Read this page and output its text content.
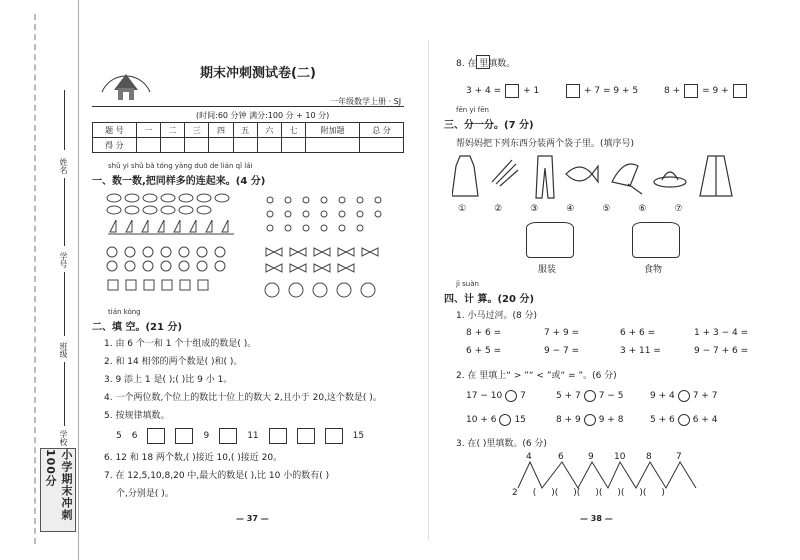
姓名
学号
班级
学校
小学期末冲刺100分
期末冲刺测试卷(二)
一年级数学上册 · SJ
(时间:60 分钟 满分:100 分 + 10 分)
题 号	一	二	三	四	五	六	七	附加题	总 分
得 分									
shǔ yi shǔ bǎ tóng yàng duō de lián qǐ lái
一、数一数,把同样多的连起来。(4 分)
tián kòng
二、填 空。(21 分)
1. 由 6 个一和 1 个十组成的数是( )。
2. 和 14 相邻的两个数是( )和( )。
3. 9 添上 1 是( );( )比 9 小 1。
4. 一个两位数,个位上的数比十位上的数大 2,且小于 20,这个数是( )。
5. 按规律填数。
5 6	9	11	15
6. 12 和 18 两个数,( )接近 10,( )接近 20。
7. 在 12,5,10,8,20 中,最大的数是( ),比 10 小的数有( )
个,分别是( )。
— 37 —
8. 在 里填数。
3 + 4 = + 1	+ 7 = 9 + 5	8 + = 9 +
fēn yi fēn
三、分一分。(7 分)
帮妈妈把下列东西分装两个袋子里。(填序号)
①	②	③	④	⑤	⑥	⑦
服装	食物
jì suàn
四、计 算。(20 分)
1. 小马过河。(8 分)
8 + 6 =	7 + 9 =	6 + 6 =	1 + 3 − 4 =
6 + 5 =	9 − 7 =	3 + 11 =	9 − 7 + 6 =
2. 在 里填上“ > ”“ < ”或“ = ”。(6 分)
17 − 10 7	5 + 7 7 − 5	9 + 4 7 + 7
10 + 6 15	8 + 9 9 + 8	5 + 6 6 + 4
3. 在( )里填数。(6 分)
4	6	9 10 8	7
2 ( )( )( )( )( )( )
— 38 —
